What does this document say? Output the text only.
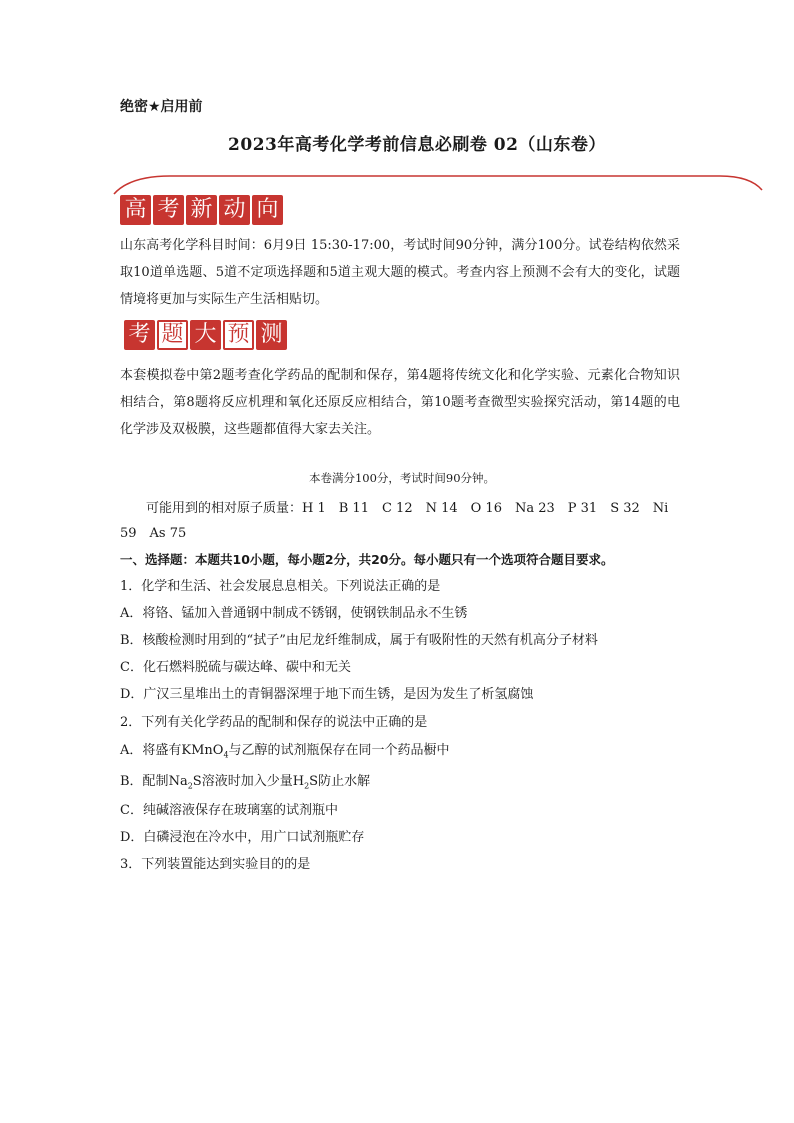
绝密★启用前
2023年高考化学考前信息必刷卷 02（山东卷）
高 考 新 动 向
山东高考化学科目时间：6月9日 15:30-17:00，考试时间90分钟，满分100分。试卷结构依然采取10道单选题、5道不定项选择题和5道主观大题的模式。考查内容上预测不会有大的变化，试题情境将更加与实际生产生活相贴切。
考 题 大 预 测
本套模拟卷中第2题考查化学药品的配制和保存，第4题将传统文化和化学实验、元素化合物知识相结合，第8题将反应机理和氧化还原反应相结合，第10题考查微型实验探究活动，第14题的电化学涉及双极膜，这些题都值得大家去关注。
本卷满分100分，考试时间90分钟。
可能用到的相对原子质量：H 1　B 11　C 12　N 14　O 16　Na 23　P 31　S 32　Ni 59　As 75
一、选择题：本题共10小题，每小题2分，共20分。每小题只有一个选项符合题目要求。
1．化学和生活、社会发展息息相关。下列说法正确的是
A．将铬、锰加入普通钢中制成不锈钢，使钢铁制品永不生锈
B．核酸检测时用到的“拭子”由尼龙纤维制成，属于有吸附性的天然有机高分子材料
C．化石燃料脱硫与碳达峰、碳中和无关
D．广汉三星堆出土的青铜器深埋于地下而生锈，是因为发生了析氢腐蚀
2．下列有关化学药品的配制和保存的说法中正确的是
A．将盛有KMnO$_4$与乙醇的试剂瓶保存在同一个药品橱中
B．配制$Na_2S$溶液时加入少量$H_2S$防止水解
C．纯碱溶液保存在玻璃塞的试剂瓶中
D．白磷浸泡在冷水中，用广口试剂瓶贮存
3．下列装置能达到实验目的的是
